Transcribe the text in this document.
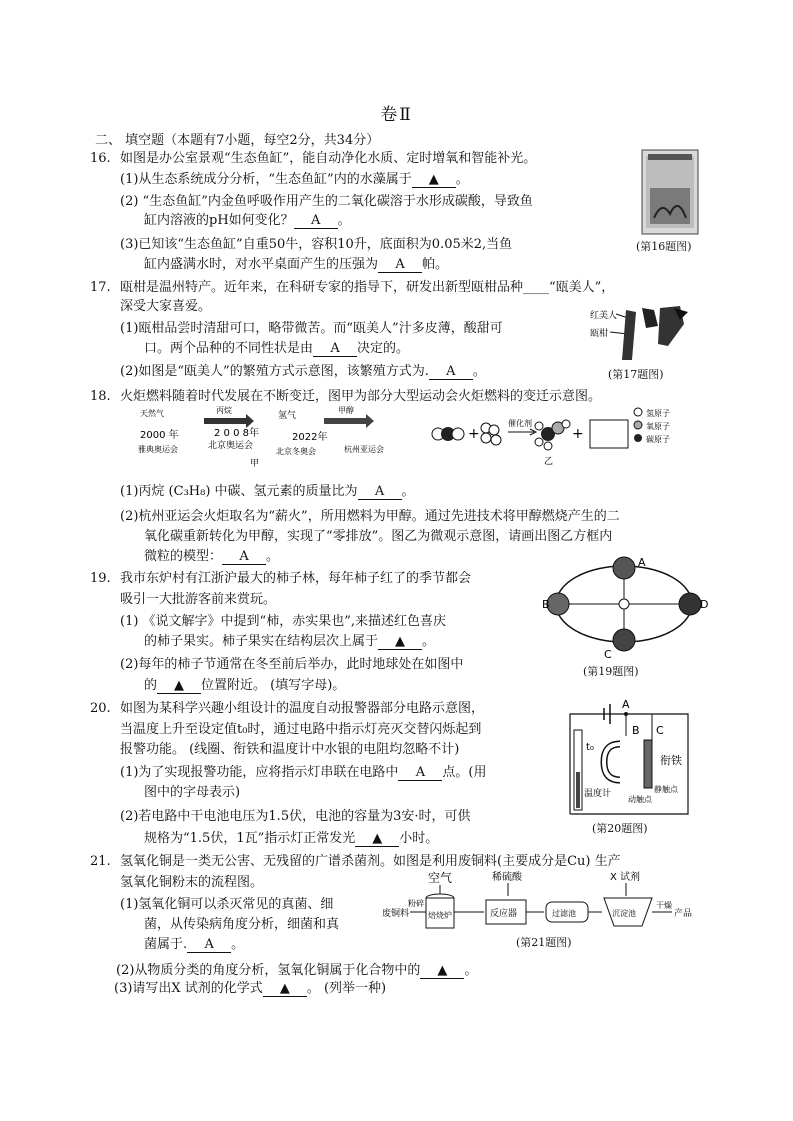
卷Ⅱ
二、 填空题（本题有7小题，每空2分，共34分）
16. 如图是办公室景观“生态鱼缸”，能自动净化水质、定时增氧和智能补光。
(1)从生态系统成分分析，“生态鱼缸”内的水藻属于 ▲ 。
(2) “生态鱼缸”内金鱼呼吸作用产生的二氧化碳溶于水形成碳酸，导致鱼
缸内溶液的pH如何变化？ A 。
(3)已知该“生态鱼缸”自重50牛，容积10升，底面积为0.05米2,当鱼
缸内盛满水时，对水平桌面产生的压强为 A 帕。
(第16题图)
17. 瓯柑是温州特产。近年来，在科研专家的指导下，研发出新型瓯柑品种____“瓯美人”，
深受大家喜爱。
(1)瓯柑品尝时清甜可口，略带微苦。而“瓯美人”汁多皮薄，酸甜可
口。两个品种的不同性状是由 A 决定的。
(2)如图是“瓯美人”的繁殖方式示意图，该繁殖方式为. A 。
红美人
瓯柑
(第17题图)
18. 火炬燃料随着时代发展在不断变迁，图甲为部分大型运动会火炬燃料的变迁示意图。
天然气	丙烷
氢气
甲醇
2000 年	2 0 0 8年	2022年
2023
雅典奥运会	北京奥运会
北京冬奥会	杭州亚运会
甲
+
催化剂
+
乙
氢原子
氧原子
碳原子
(1)丙烷 (C₃H₈) 中碳、氢元素的质量比为 A 。
(2)杭州亚运会火炬取名为“薪火”，所用燃料为甲醇。通过先进技术将甲醇燃烧产生的二
氧化碳重新转化为甲醇，实现了“零排放”。图乙为微观示意图，请画出图乙方框内
微粒的模型： A 。
19. 我市东炉村有江浙沪最大的柿子林，每年柿子红了的季节都会
吸引一大批游客前来赏玩。
(1) 《说文解字》中提到“柿，赤实果也”,来描述红色喜庆
的柿子果实。柿子果实在结构层次上属于 ▲ 。
(2)每年的柿子节通常在冬至前后举办，此时地球处在如图中
的 ▲ 位置附近。 (填写字母)。
A
B
C
D
(第19题图)
20. 如图为某科学兴趣小组设计的温度自动报警器部分电路示意图，
当温度上升至设定值t₀时，通过电路中指示灯亮灭交替闪烁起到
报警功能。 (线圈、衔铁和温度计中水银的电阻均忽略不计)
(1)为了实现报警功能，应将指示灯串联在电路中 A 点。(用
图中的字母表示)
(2)若电路中干电池电压为1.5伏，电池的容量为3安·时，可供
规格为“1.5伏，1瓦”指示灯正常发光 ▲ 小时。
A
B C
t₀
衔铁
静触点
动触点
温度计
(第20题图)
21. 氢氧化铜是一类无公害、无残留的广谱杀菌剂。如图是利用废铜料(主要成分是Cu) 生产
氢氧化铜粉末的流程图。
(1)氢氧化铜可以杀灭常见的真菌、细
菌，从传染病角度分析，细菌和真
菌属于. A 。
空气	稀硫酸	X 试剂
废铜料
粉碎
焙烧炉	反应器	过滤池	沉淀池
干燥
产品
(第21题图)
(2)从物质分类的角度分析，氢氧化铜属于化合物中的 ▲ 。
(3)请写出X 试剂的化学式 ▲ 。 (列举一种)
